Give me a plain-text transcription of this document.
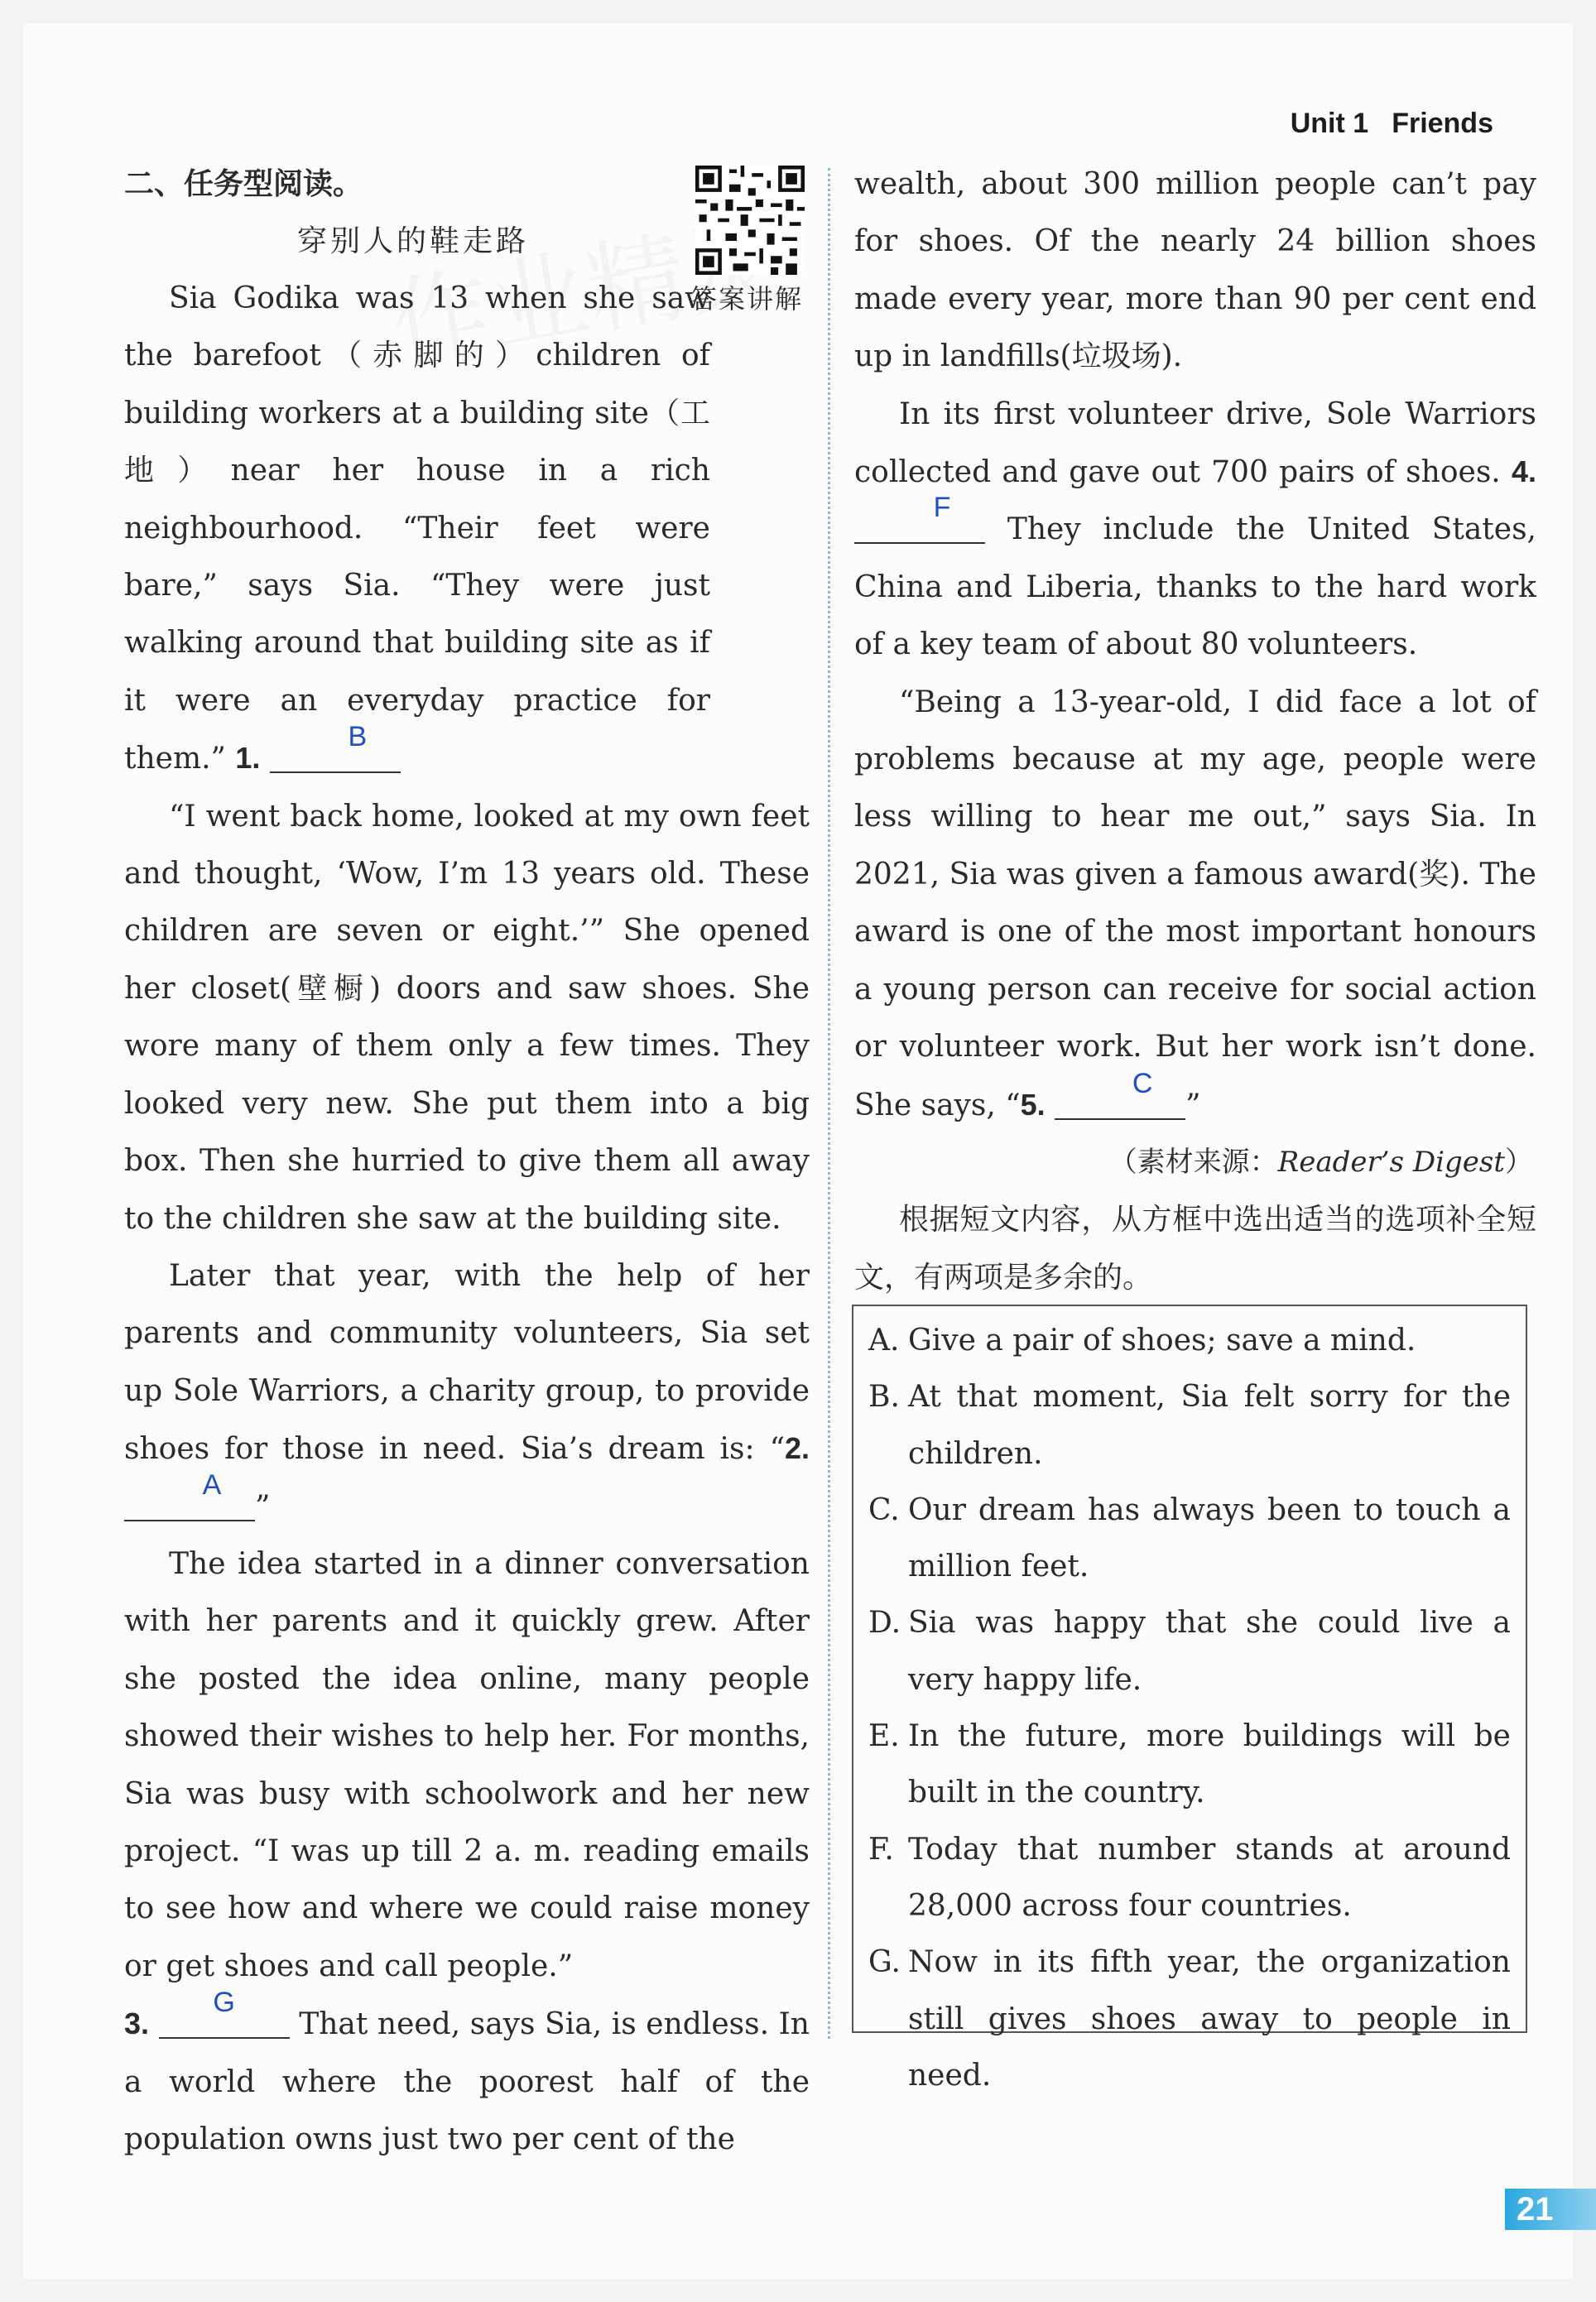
Unit 1 Friends
答案讲解
二、任务型阅读。
穿别人的鞋走路

Sia Godika was 13 when she saw the barefoot（赤脚的）children of building workers at a building site（工地）near her house in a rich neighbourhood. “Their feet were bare,” says Sia. “They were just walking around that building site as if it were an everyday practice for them.” 1.
B

“I went back home, looked at my own feet and thought, ‘Wow, I’m 13 years old. These children are seven or eight.’” She opened her closet(壁橱) doors and saw shoes. She wore many of them only a few times. They looked very new. She put them into a big box. Then she hurried to give them all away to the children she saw at the building site.

Later that year, with the help of her parents and community volunteers, Sia set up Sole Warriors, a charity group, to provide shoes for those in need. Sia’s dream is: “2.
A
”

The idea started in a dinner conversation with her parents and it quickly grew. After she posted the idea online, many people showed their wishes to help her. For months, Sia was busy with schoolwork and her new project. “I was up till 2 a. m. reading emails to see how and where we could raise money or get shoes and call people.”

3.
G
That need, says Sia, is endless. In a world where the poorest half of the population owns just two per cent of the

wealth, about 300 million people can’t pay for shoes. Of the nearly 24 billion shoes made every year, more than 90 per cent end up in landfills(垃圾场).

In its first volunteer drive, Sole Warriors collected and gave out 700 pairs of shoes. 4.
F
They include the United States, China and Liberia, thanks to the hard work of a key team of about 80 volunteers.

“Being a 13-year-old, I did face a lot of problems because at my age, people were less willing to hear me out,” says Sia. In 2021, Sia was given a famous award(奖). The award is one of the most important honours a young person can receive for social action or volunteer work. But her work isn’t done. She says, “5.
C
”

（素材来源：Reader’s Digest）

根据短文内容，从方框中选出适当的选项补全短文，有两项是多余的。

A. Give a pair of shoes; save a mind.
B. At that moment, Sia felt sorry for the children.
C. Our dream has always been to touch a million feet.
D. Sia was happy that she could live a very happy life.
E. In the future, more buildings will be built in the country.
F. Today that number stands at around 28,000 across four countries.
G. Now in its fifth year, the organization still gives shoes away to people in need.
21
